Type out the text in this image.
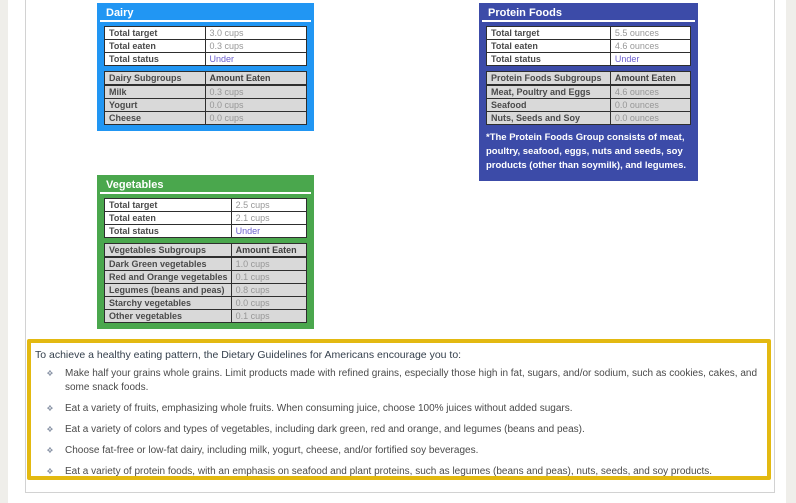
Dairy
Total target	3.0 cups
Total eaten	0.3 cups
Total status	Under
Dairy Subgroups	Amount Eaten
Milk	0.3 cups
Yogurt	0.0 cups
Cheese	0.0 cups
Protein Foods
Total target	5.5 ounces
Total eaten	4.6 ounces
Total status	Under
Protein Foods Subgroups	Amount Eaten
Meat, Poultry and Eggs	4.6 ounces
Seafood	0.0 ounces
Nuts, Seeds and Soy	0.0 ounces
*The Protein Foods Group consists of meat, poultry, seafood, eggs, nuts and seeds, soy products (other than soymilk), and legumes.
Vegetables
Total target	2.5 cups
Total eaten	2.1 cups
Total status	Under
Vegetables Subgroups	Amount Eaten
Dark Green vegetables	1.0 cups
Red and Orange vegetables 0.1 cups
Legumes (beans and peas)	0.8 cups
Starchy vegetables	0.0 cups
Other vegetables	0.1 cups
To achieve a healthy eating pattern, the Dietary Guidelines for Americans encourage you to:
❖
Make half your grains whole grains. Limit products made with refined grains, especially those high in fat, sugars, and/or sodium, such as cookies, cakes, and some snack foods.
❖
Eat a variety of fruits, emphasizing whole fruits. When consuming juice, choose 100% juices without added sugars.
❖
Eat a variety of colors and types of vegetables, including dark green, red and orange, and legumes (beans and peas).
❖
Choose fat-free or low-fat dairy, including milk, yogurt, cheese, and/or fortified soy beverages.
❖
Eat a variety of protein foods, with an emphasis on seafood and plant proteins, such as legumes (beans and peas), nuts, seeds, and soy products.
